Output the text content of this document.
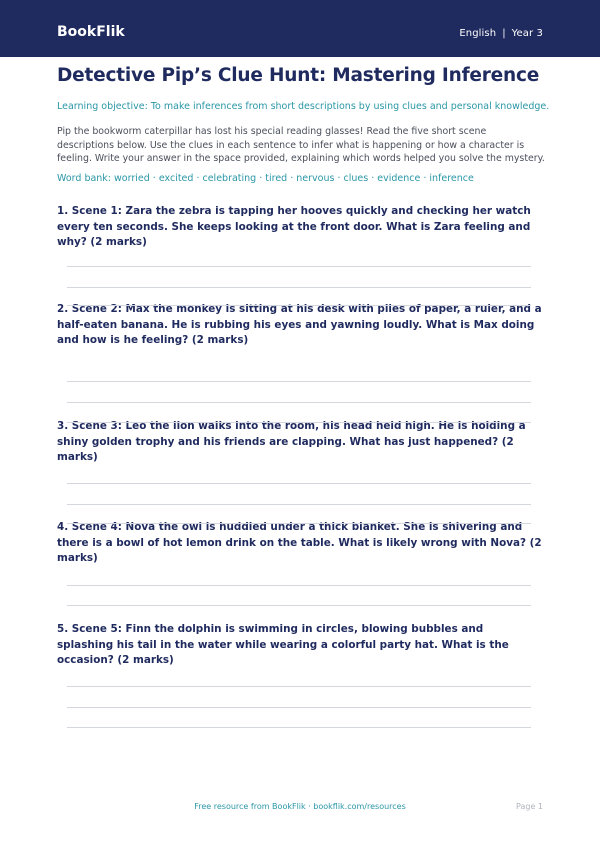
BookFlik	English | Year 3
Detective Pip’s Clue Hunt: Mastering Inference
Learning objective: To make inferences from short descriptions by using clues and personal knowledge.
Pip the bookworm caterpillar has lost his special reading glasses! Read the five short scene descriptions below. Use the clues in each sentence to infer what is happening or how a character is feeling. Write your answer in the space provided, explaining which words helped you solve the mystery.
Word bank: worried · excited · celebrating · tired · nervous · clues · evidence · inference
1. Scene 1: Zara the zebra is tapping her hooves quickly and checking her watch every ten seconds. She keeps looking at the front door. What is Zara feeling and why? (2 marks)
2. Scene 2: Max the monkey is sitting at his desk with piles of paper, a ruler, and a half-eaten banana. He is rubbing his eyes and yawning loudly. What is Max doing and how is he feeling? (2 marks)
3. Scene 3: Leo the lion walks into the room, his head held high. He is holding a shiny golden trophy and his friends are clapping. What has just happened? (2 marks)
4. Scene 4: Nova the owl is huddled under a thick blanket. She is shivering and there is a bowl of hot lemon drink on the table. What is likely wrong with Nova? (2 marks)
5. Scene 5: Finn the dolphin is swimming in circles, blowing bubbles and splashing his tail in the water while wearing a colorful party hat. What is the occasion? (2 marks)
Free resource from BookFlik · bookflik.com/resources	Page 1
